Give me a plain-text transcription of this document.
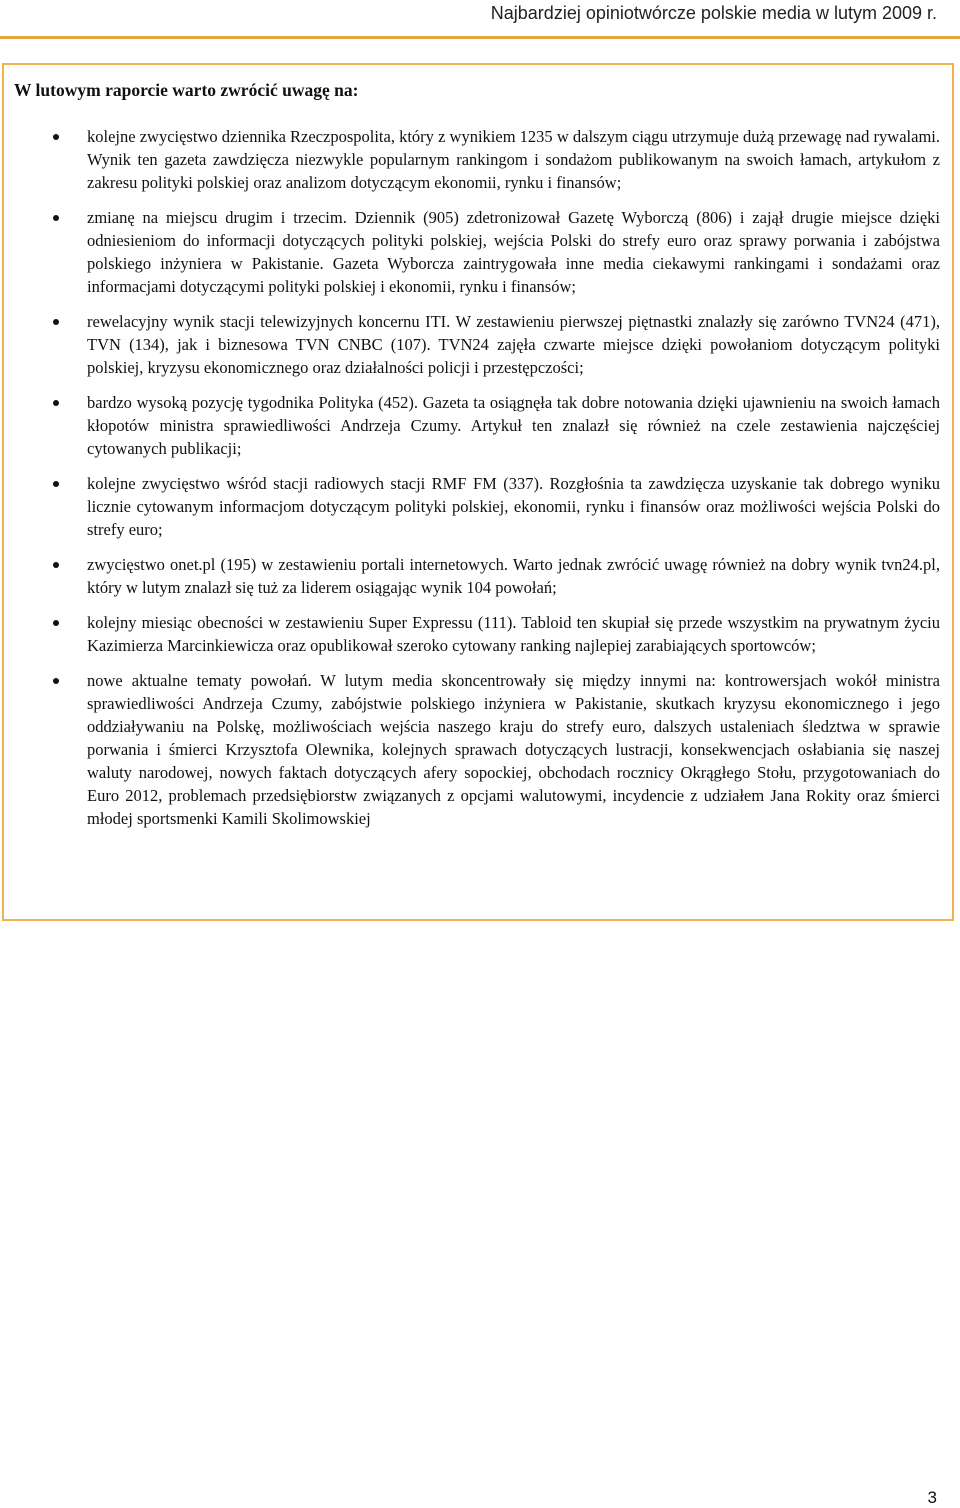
Najbardziej opiniotwórcze polskie media w lutym 2009 r.
W lutowym raporcie warto zwrócić uwagę na:
kolejne zwycięstwo dziennika Rzeczpospolita, który z wynikiem 1235 w dalszym ciągu utrzymuje dużą przewagę nad rywalami. Wynik ten gazeta zawdzięcza niezwykle popularnym rankingom i sondażom publikowanym na swoich łamach, artykułom z zakresu polityki polskiej oraz analizom dotyczącym ekonomii, rynku i finansów;
zmianę na miejscu drugim i trzecim. Dziennik (905) zdetronizował Gazetę Wyborczą (806) i zajął drugie miejsce dzięki odniesieniom do informacji dotyczących polityki polskiej, wejścia Polski do strefy euro oraz sprawy porwania i zabójstwa polskiego inżyniera w Pakistanie. Gazeta Wyborcza zaintrygowała inne media ciekawymi rankingami i sondażami oraz informacjami dotyczącymi polityki polskiej i ekonomii, rynku i finansów;
rewelacyjny wynik stacji telewizyjnych koncernu ITI. W zestawieniu pierwszej piętnastki znalazły się zarówno TVN24 (471), TVN (134), jak i biznesowa TVN CNBC (107). TVN24 zajęła czwarte miejsce dzięki powołaniom dotyczącym polityki polskiej, kryzysu ekonomicznego oraz działalności policji i przestępczości;
bardzo wysoką pozycję tygodnika Polityka (452). Gazeta ta osiągnęła tak dobre notowania dzięki ujawnieniu na swoich łamach kłopotów ministra sprawiedliwości Andrzeja Czumy. Artykuł ten znalazł się również na czele zestawienia najczęściej cytowanych publikacji;
kolejne zwycięstwo wśród stacji radiowych stacji RMF FM (337). Rozgłośnia ta zawdzięcza uzyskanie tak dobrego wyniku licznie cytowanym informacjom dotyczącym polityki polskiej, ekonomii, rynku i finansów oraz możliwości wejścia Polski do strefy euro;
zwycięstwo onet.pl (195) w zestawieniu portali internetowych. Warto jednak zwrócić uwagę również na dobry wynik tvn24.pl, który w lutym znalazł się tuż za liderem osiągając wynik 104 powołań;
kolejny miesiąc obecności w zestawieniu Super Expressu (111). Tabloid ten skupiał się przede wszystkim na prywatnym życiu Kazimierza Marcinkiewicza oraz opublikował szeroko cytowany ranking najlepiej zarabiających sportowców;
nowe aktualne tematy powołań. W lutym media skoncentrowały się między innymi na: kontrowersjach wokół ministra sprawiedliwości Andrzeja Czumy, zabójstwie polskiego inżyniera w Pakistanie, skutkach kryzysu ekonomicznego i jego oddziaływaniu na Polskę, możliwościach wejścia naszego kraju do strefy euro, dalszych ustaleniach śledztwa w sprawie porwania i śmierci Krzysztofa Olewnika, kolejnych sprawach dotyczących lustracji, konsekwencjach osłabiania się naszej waluty narodowej, nowych faktach dotyczących afery sopockiej, obchodach rocznicy Okrągłego Stołu, przygotowaniach do Euro 2012, problemach przedsiębiorstw związanych z opcjami walutowymi, incydencie z udziałem Jana Rokity oraz śmierci młodej sportsmenki Kamili Skolimowskiej
3
